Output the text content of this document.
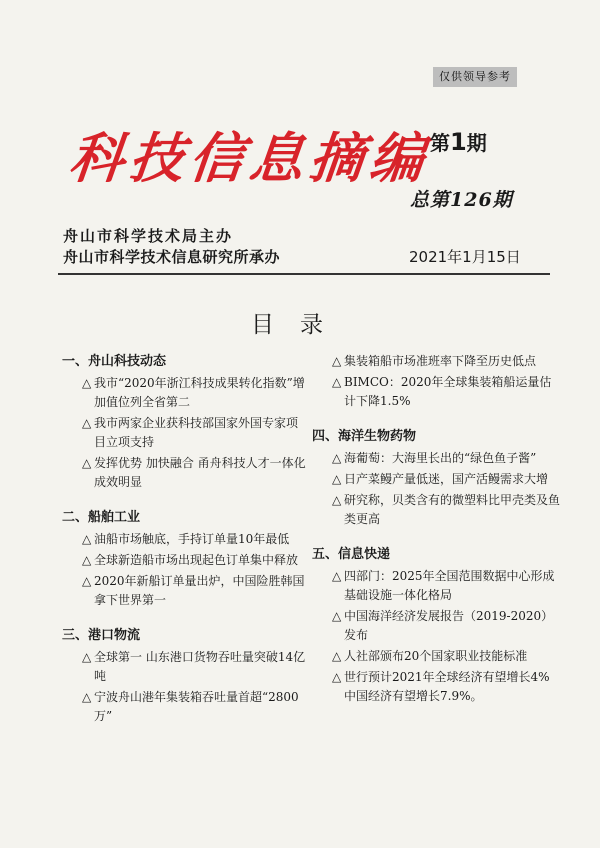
仅供领导参考
科技信息摘编
第1期
总第126期
舟山市科学技术局主办
舟山市科学技术信息研究所承办	2021年1月15日
目录
一、舟山科技动态
△ 我市“2020年浙江科技成果转化指数”增加值位列全省第二
△ 我市两家企业获科技部国家外国专家项目立项支持
△ 发挥优势 加快融合 甬舟科技人才一体化成效明显
二、船舶工业
△ 油船市场触底，手持订单量10年最低
△ 全球新造船市场出现起色订单集中释放
△ 2020年新船订单量出炉，中国险胜韩国拿下世界第一
三、港口物流
△ 全球第一 山东港口货物吞吐量突破14亿吨
△ 宁波舟山港年集装箱吞吐量首超“2800万”
△ 集装箱船市场准班率下降至历史低点
△ BIMCO：2020年全球集装箱船运量估计下降1.5%
四、海洋生物药物
△ 海葡萄：大海里长出的“绿色鱼子酱”
△ 日产菜鳗产量低迷，国产活鳗需求大增
△ 研究称，贝类含有的微塑料比甲壳类及鱼类更高
五、信息快递
△ 四部门：2025年全国范围数据中心形成基础设施一体化格局
△ 中国海洋经济发展报告（2019-2020）发布
△ 人社部颁布20个国家职业技能标准
△ 世行预计2021年全球经济有望增长4% 中国经济有望增长7.9%。
